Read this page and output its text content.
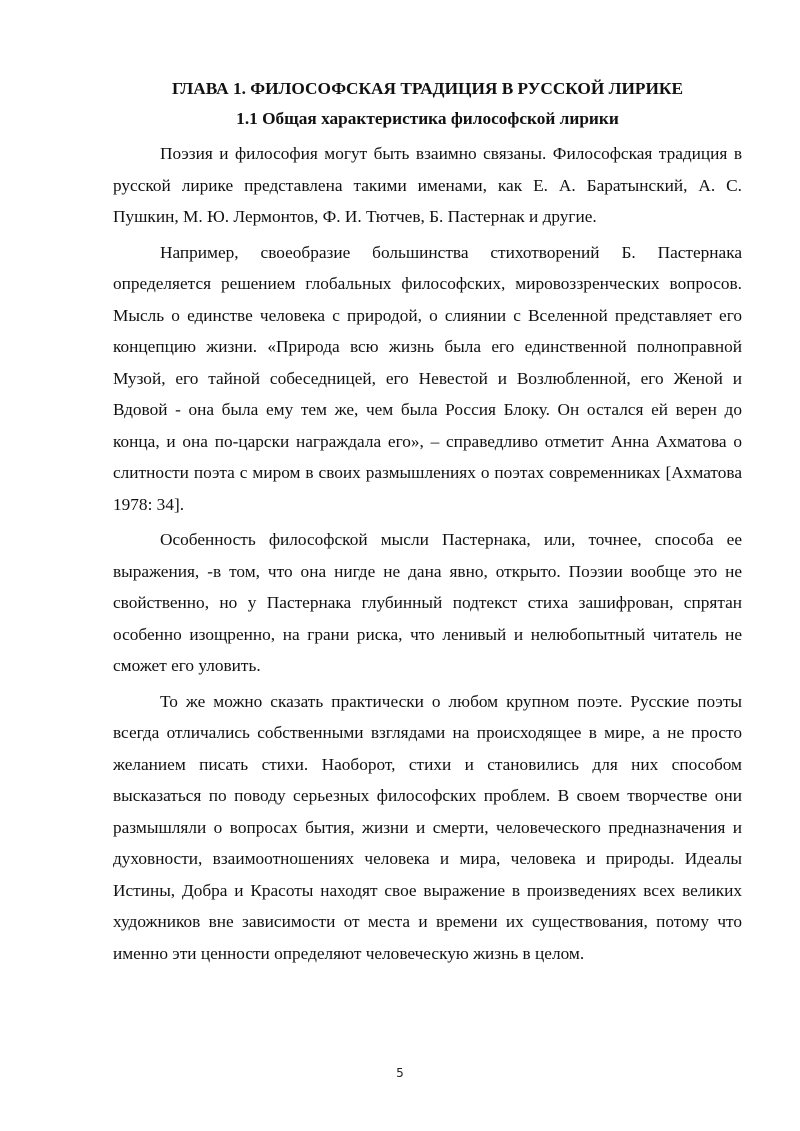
ГЛАВА 1. ФИЛОСОФСКАЯ ТРАДИЦИЯ В РУССКОЙ ЛИРИКЕ
1.1 Общая характеристика философской лирики

Поэзия и философия могут быть взаимно связаны. Философская традиция в русской лирике представлена такими именами, как Е. А. Баратынский, А. С. Пушкин, М. Ю. Лермонтов, Ф. И. Тютчев, Б. Пастернак и другие.

Например, своеобразие большинства стихотворений Б. Пастернака определяется решением глобальных философских, мировоззренческих вопросов. Мысль о единстве человека с природой, о слиянии с Вселенной представляет его концепцию жизни. «Природа всю жизнь была его единственной полноправной Музой, его тайной собеседницей, его Невестой и Возлюбленной, его Женой и Вдовой - она была ему тем же, чем была Россия Блоку. Он остался ей верен до конца, и она по-царски награждала его», – справедливо отметит Анна Ахматова о слитности поэта с миром в своих размышлениях о поэтах современниках [Ахматова 1978: 34].

Особенность философской мысли Пастернака, или, точнее, способа ее выражения, -в том, что она нигде не дана явно, открыто. Поэзии вообще это не свойственно, но у Пастернака глубинный подтекст стиха зашифрован, спрятан особенно изощренно, на грани риска, что ленивый и нелюбопытный читатель не сможет его уловить.

То же можно сказать практически о любом крупном поэте. Русские поэты всегда отличались собственными взглядами на происходящее в мире, а не просто желанием писать стихи. Наоборот, стихи и становились для них способом высказаться по поводу серьезных философских проблем. В своем творчестве они размышляли о вопросах бытия, жизни и смерти, человеческого предназначения и духовности, взаимоотношениях человека и мира, человека и природы. Идеалы Истины, Добра и Красоты находят свое выражение в произведениях всех великих художников вне зависимости от места и времени их существования, потому что именно эти ценности определяют человеческую жизнь в целом.

5
